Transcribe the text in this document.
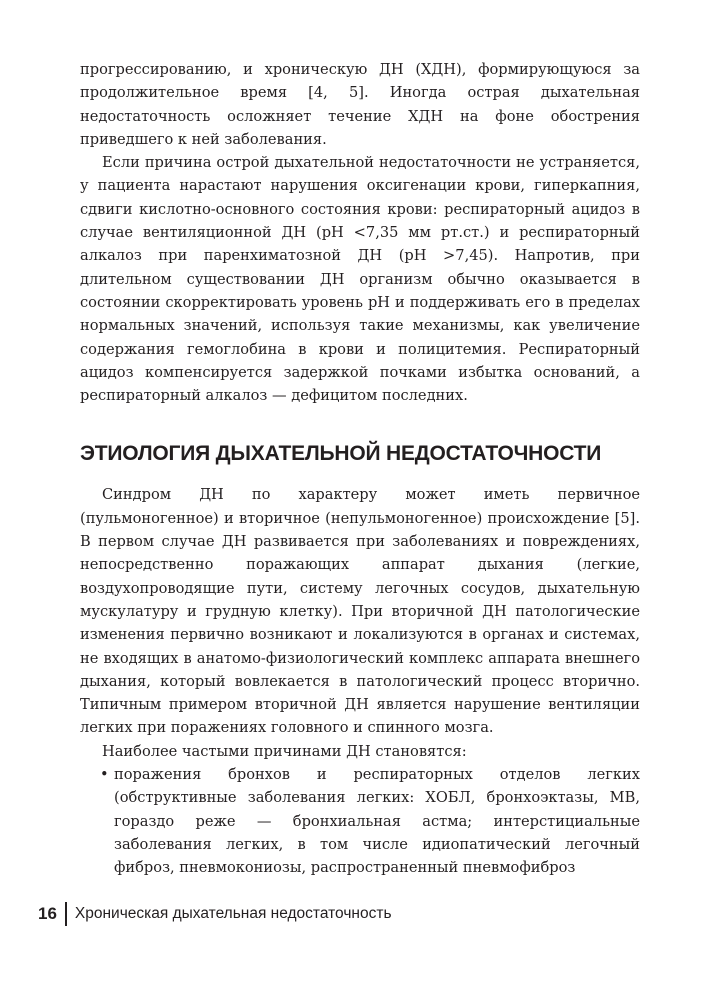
прогрессированию, и хроническую ДН (ХДН), формирующуюся за продолжительное время [4, 5]. Иногда острая дыхательная недостаточность осложняет течение ХДН на фоне обострения приведшего к ней заболевания.

Если причина острой дыхательной недостаточности не устраняется, у пациента нарастают нарушения оксигенации крови, гиперкапния, сдвиги кислотно-основного состояния крови: респираторный ацидоз в случае вентиляционной ДН (рН <7,35 мм рт.ст.) и респираторный алкалоз при паренхиматозной ДН (рН >7,45). Напротив, при длительном существовании ДН организм обычно оказывается в состоянии скорректировать уровень рН и поддерживать его в пределах нормальных значений, используя такие механизмы, как увеличение содержания гемоглобина в крови и полицитемия. Респираторный ацидоз компенсируется задержкой почками избытка оснований, а респираторный алкалоз — дефицитом последних.

ЭТИОЛОГИЯ ДЫХАТЕЛЬНОЙ НЕДОСТАТОЧНОСТИ

Синдром ДН по характеру может иметь первичное (пульмоногенное) и вторичное (непульмоногенное) происхождение [5]. В первом случае ДН развивается при заболеваниях и повреждениях, непосредственно поражающих аппарат дыхания (легкие, воздухопроводящие пути, систему легочных сосудов, дыхательную мускулатуру и грудную клетку). При вторичной ДН патологические изменения первично возникают и локализуются в органах и системах, не входящих в анатомо-физиологический комплекс аппарата внешнего дыхания, который вовлекается в патологический процесс вторично. Типичным примером вторичной ДН является нарушение вентиляции легких при поражениях головного и спинного мозга.

Наиболее частыми причинами ДН становятся:

• поражения бронхов и респираторных отделов легких (обструктивные заболевания легких: ХОБЛ, бронхоэктазы, МВ, гораздо реже — бронхиальная астма; интерстициальные заболевания легких, в том числе идиопатический легочный фиброз, пневмокониозы, распространенный пневмофиброз

16 Хроническая дыхательная недостаточность
